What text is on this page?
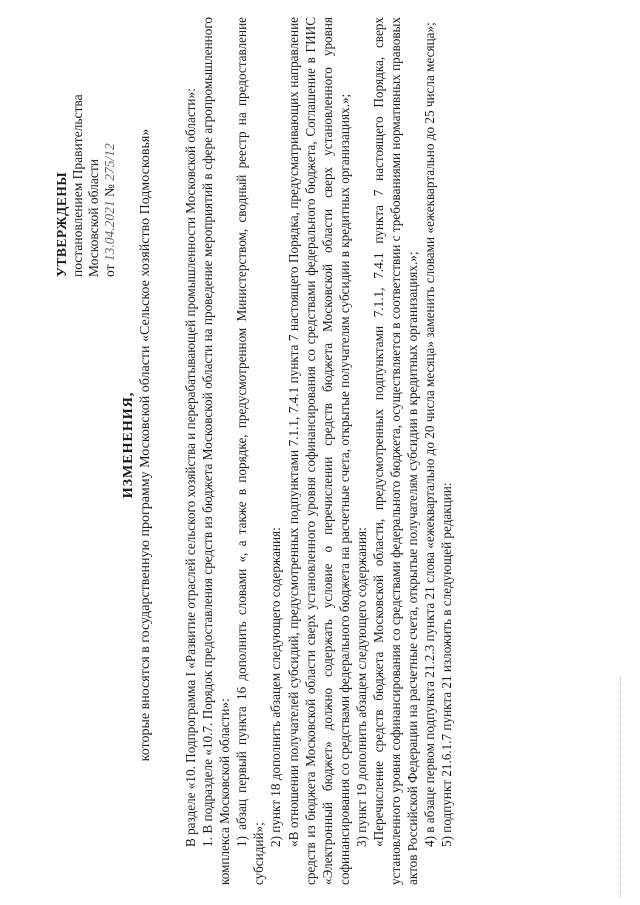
УТВЕРЖДЕНЫ постановлением Правительства Московской области от 13.04.2021 № 275/12
ИЗМЕНЕНИЯ, которые вносятся в государственную программу Московской области «Сельское хозяйство Подмосковья» В разделе «10. Подпрограмма I «Развитие отраслей сельского хозяйства и перерабатывающей промышленности Московской области»: 1. В подразделе «10.7. Порядок предоставления средств из бюджета Московской области на проведение мероприятий в сфере агропромышленного комплекса Московской области»: 1) абзац первый пункта 16 дополнить словами «, а также в порядке, предусмотренном Министерством, сводный реестр на предоставление субсидий»;

2) пункт 18 дополнить абзацем следующего содержания: «В отношении получателей субсидий, предусмотренных подпунктами 7.1.1, 7.4.1 пункта 7 настоящего Порядка, предусматривающих направление средств из бюджета Московской области сверх установленного уровня софинансирования со средствами федерального бюджета, Соглашение в ГИИС «Электронный бюджет» должно содержать условие о перечислении средств бюджета Московской области сверх установленного уровня софинансирования со средствами федерального бюджета на расчетные счета, открытые получателям субсидии в кредитных организациях.»; 3) пункт 19 дополнить абзацем следующего содержания: «Перечисление средств бюджета Московской области, предусмотренных подпунктами 7.1.1, 7.4.1 пункта 7 настоящего Порядка, сверх установленного уровня софинансирования со средствами федерального бюджета, осуществляется в соответствии с требованиями нормативных правовых актов Российской Федерации на расчетные счета, открытые получателям субсидии в кредитных организациях.»; 4) в абзаце первом подпункта 21.2.3 пункта 21 слова «ежеквартально до 20 числа месяца» заменить словами «ежеквартально до 25 числа месяца»; 5) подпункт 21.6.1.7 пункта 21 изложить в следующей редакции:
